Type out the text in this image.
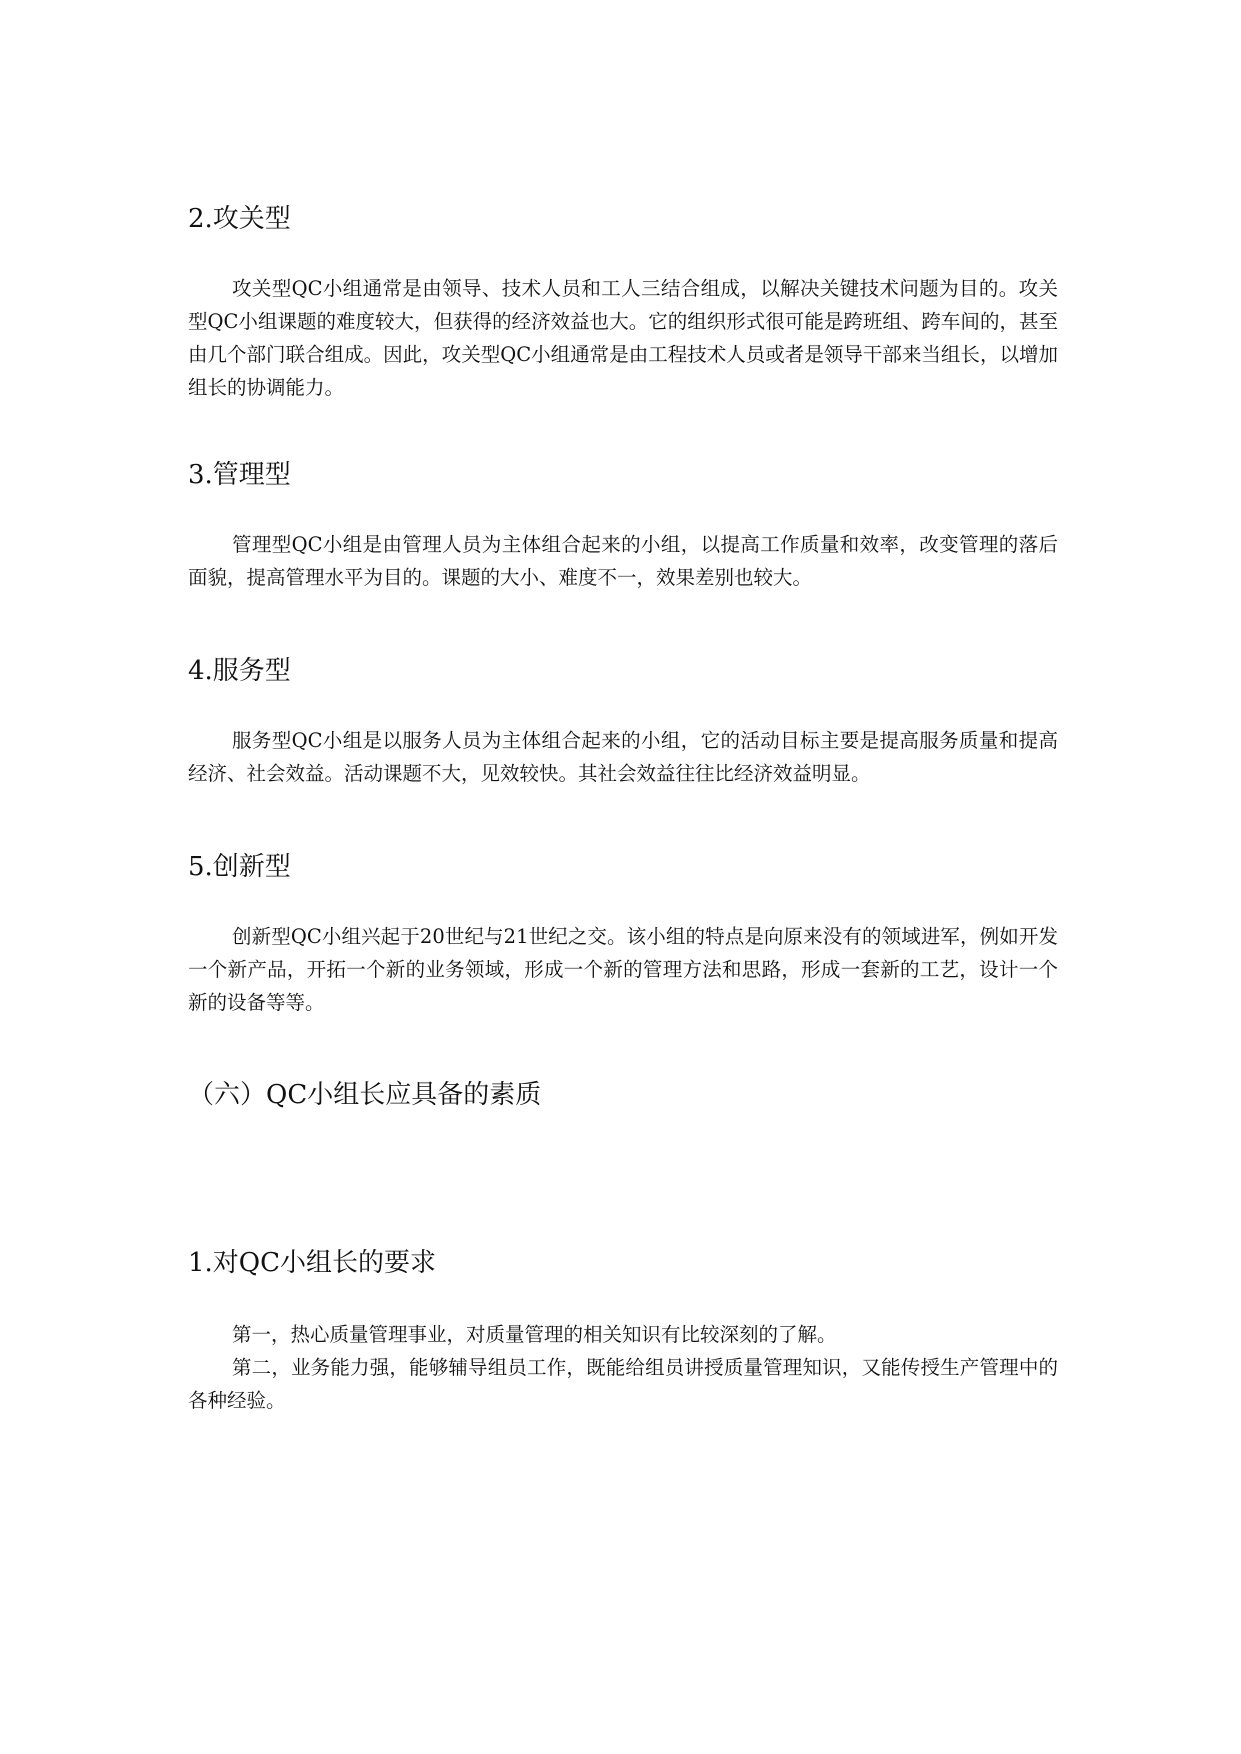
2.攻关型

攻关型QC小组通常是由领导、技术人员和工人三结合组成，以解决关键技术问题为目的。攻关型QC小组课题的难度较大，但获得的经济效益也大。它的组织形式很可能是跨班组、跨车间的，甚至由几个部门联合组成。因此，攻关型QC小组通常是由工程技术人员或者是领导干部来当组长，以增加组长的协调能力。

3.管理型

管理型QC小组是由管理人员为主体组合起来的小组，以提高工作质量和效率，改变管理的落后面貌，提高管理水平为目的。课题的大小、难度不一，效果差别也较大。

4.服务型

服务型QC小组是以服务人员为主体组合起来的小组，它的活动目标主要是提高服务质量和提高经济、社会效益。活动课题不大，见效较快。其社会效益往往比经济效益明显。

5.创新型

创新型QC小组兴起于20世纪与21世纪之交。该小组的特点是向原来没有的领域进军，例如开发一个新产品，开拓一个新的业务领域，形成一个新的管理方法和思路，形成一套新的工艺，设计一个新的设备等等。

（六）QC小组长应具备的素质
1.对QC小组长的要求

第一，热心质量管理事业，对质量管理的相关知识有比较深刻的了解。

第二，业务能力强，能够辅导组员工作，既能给组员讲授质量管理知识，又能传授生产管理中的各种经验。
